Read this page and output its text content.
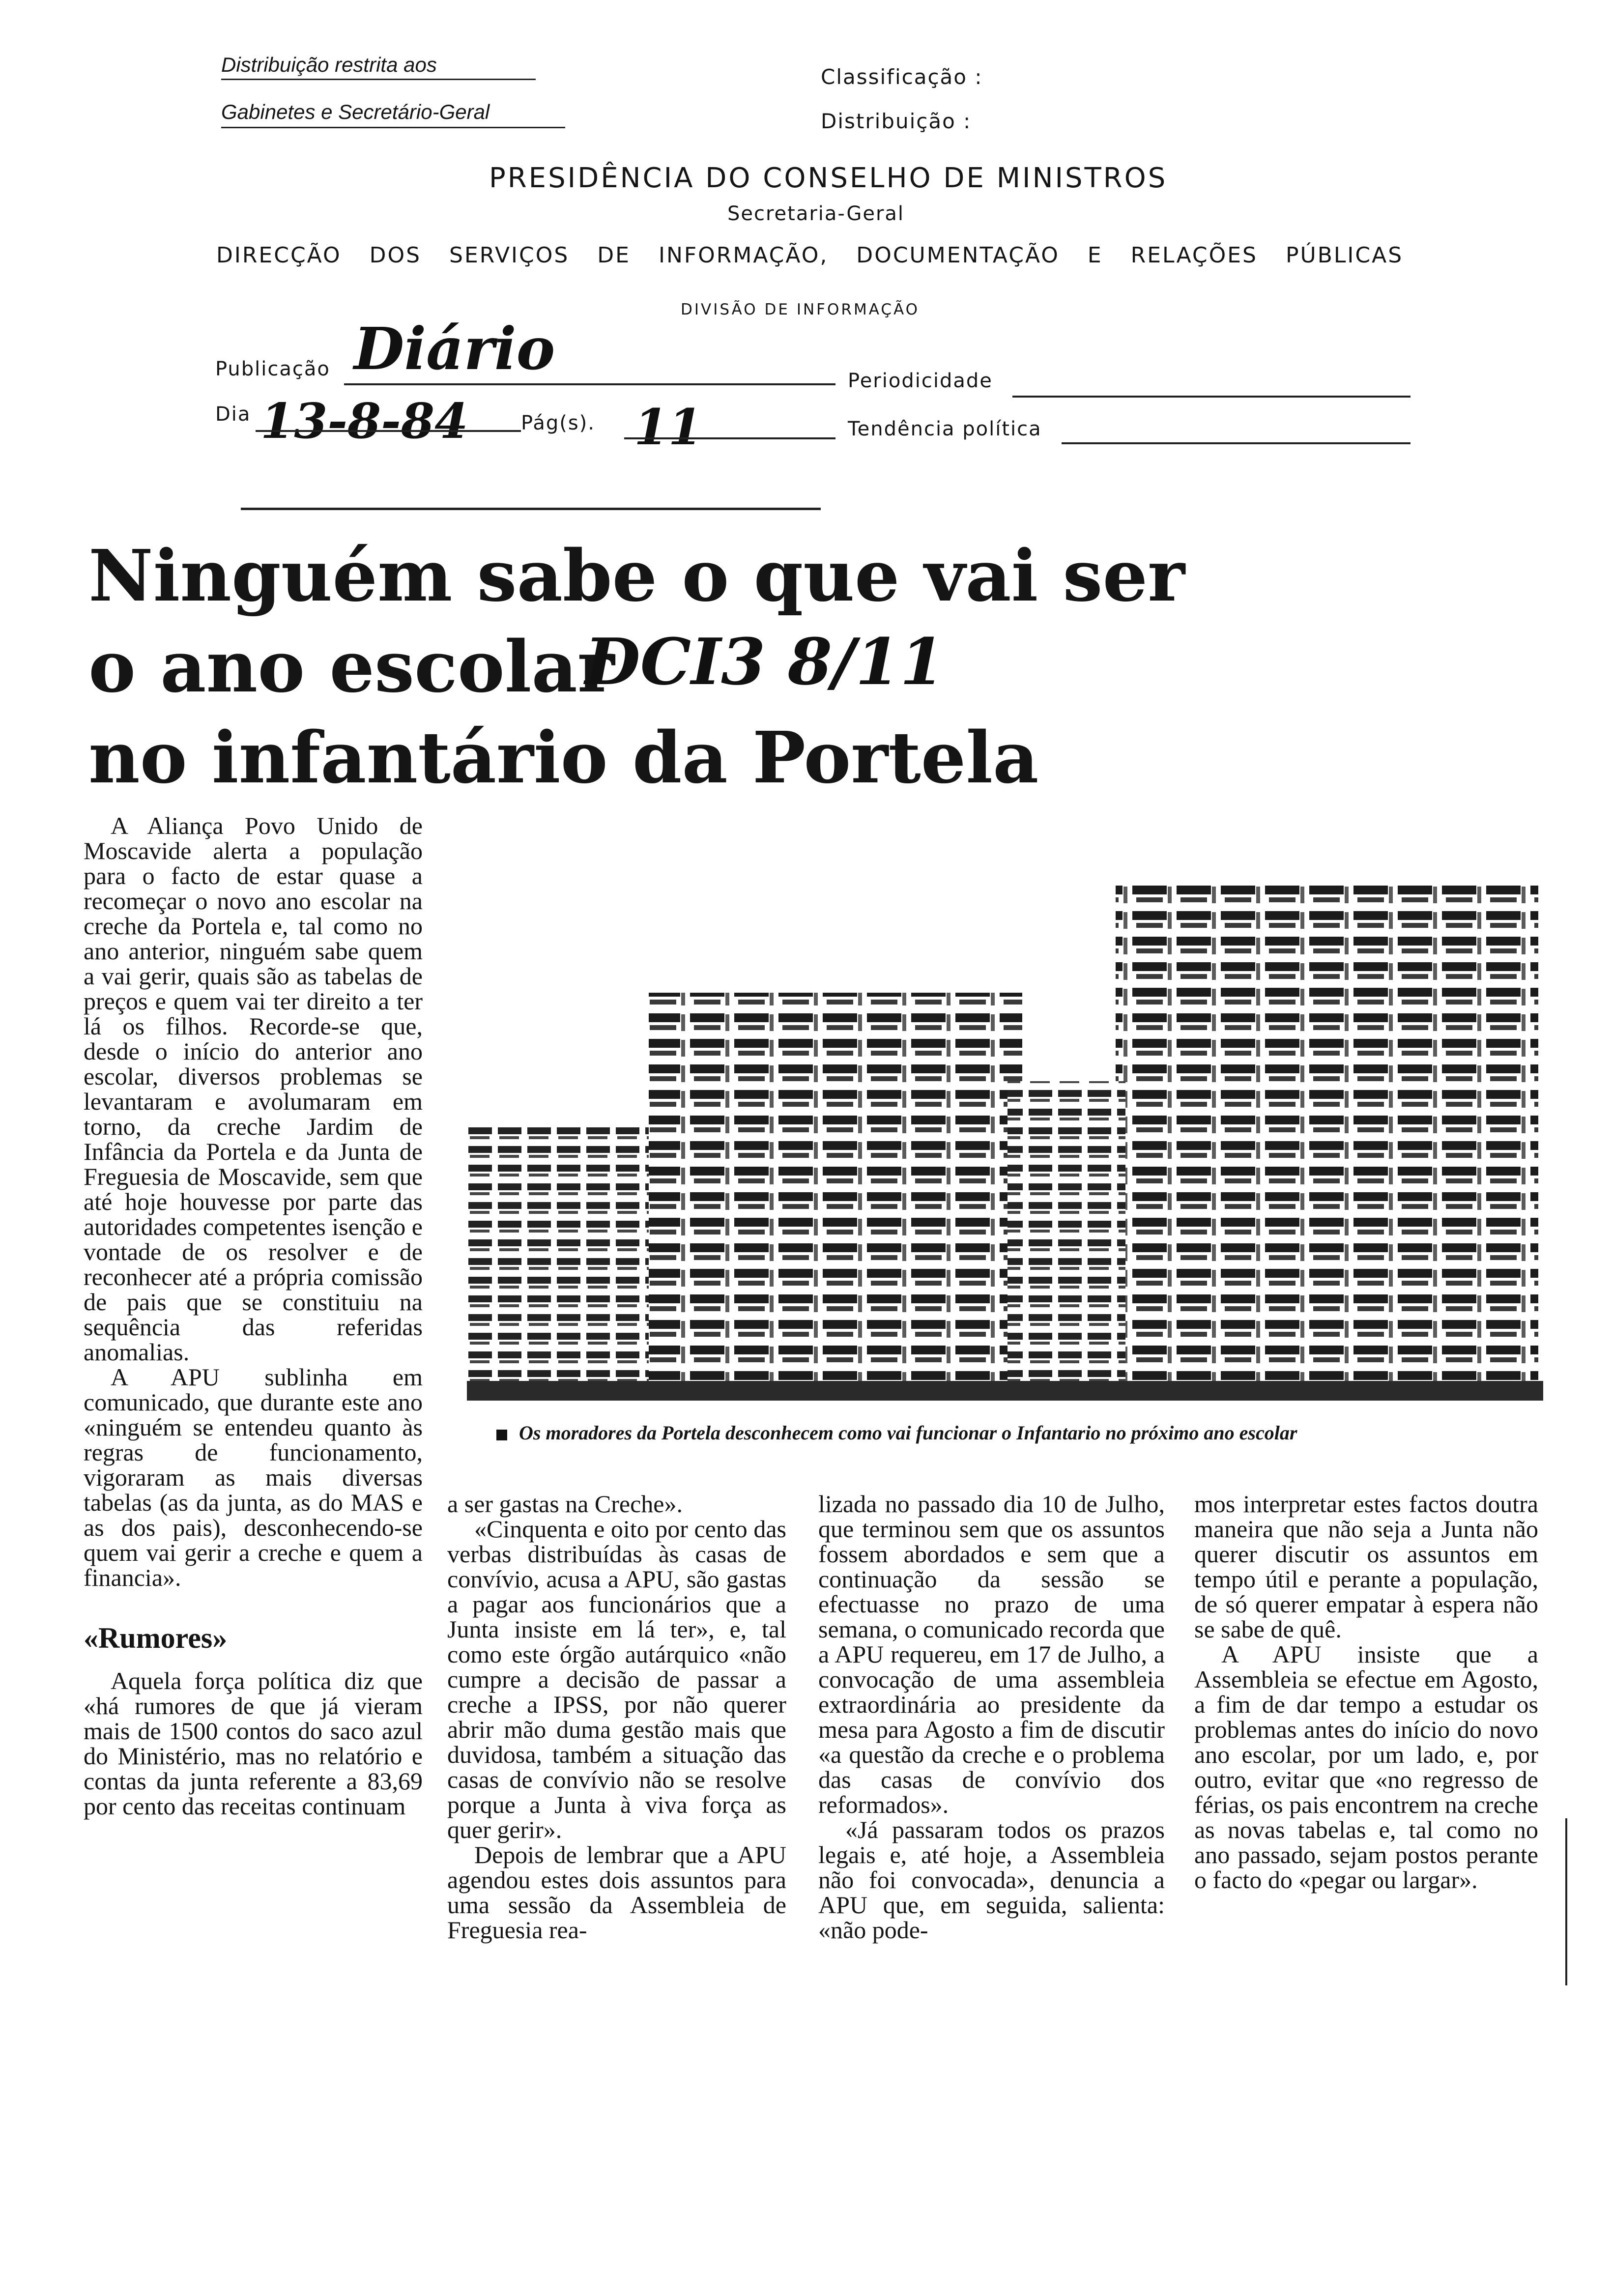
Distribuição restrita aos
Gabinetes e Secretário-Geral
Classificação :
Distribuição :
PRESIDÊNCIA DO CONSELHO DE MINISTROS
Secretaria-Geral
DIRECÇÃO DOS SERVIÇOS DE INFORMAÇÃO, DOCUMENTAÇÃO E RELAÇÕES PÚBLICAS
DIVISÃO DE INFORMAÇÃO
Publicação Diário	Periodicidade
Dia 13-8-84	Pág(s). 11	Tendência política
Ninguém sabe o que vai ser
o ano escolar
DCI3 8/11
no infantário da Portela
Os moradores da Portela desconhecem como vai funcionar o Infantario no próximo ano escolar

A Aliança Povo Unido de Moscavide alerta a população para o facto de estar quase a recomeçar o novo ano escolar na creche da Portela e, tal como no ano anterior, ninguém sabe quem a vai gerir, quais são as tabelas de preços e quem vai ter direito a ter lá os filhos. Recorde-se que, desde o início do anterior ano escolar, diversos problemas se levantaram e avolumaram em torno, da creche Jardim de Infância da Portela e da Junta de Freguesia de Moscavide, sem que até hoje houvesse por parte das autoridades competentes isenção e vontade de os resolver e de reconhecer até a própria comissão de pais que se constituiu na sequência das referidas anomalias.

A APU sublinha em comunicado, que durante este ano «ninguém se entendeu quanto às regras de funcionamento, vigoraram as mais diversas tabelas (as da junta, as do MAS e as dos pais), desconhecendo-se quem vai gerir a creche e quem a financia».

«Rumores»

Aquela força política diz que «há rumores de que já vieram mais de 1500 contos do saco azul do Ministério, mas no relatório e contas da junta referente a 83,69 por cento das receitas continuam

a ser gastas na Creche».

«Cinquenta e oito por cento das verbas distribuídas às casas de convívio, acusa a APU, são gastas a pagar aos funcionários que a Junta insiste em lá ter», e, tal como este órgão autárquico «não cumpre a decisão de passar a creche a IPSS, por não querer abrir mão duma gestão mais que duvidosa, também a situação das casas de convívio não se resolve porque a Junta à viva força as quer gerir».

Depois de lembrar que a APU agendou estes dois assuntos para uma sessão da Assembleia de Freguesia rea-

lizada no passado dia 10 de Julho, que terminou sem que os assuntos fossem abordados e sem que a continuação da sessão se efectuasse no prazo de uma semana, o comunicado recorda que a APU requereu, em 17 de Julho, a convocação de uma assembleia extraordinária ao presidente da mesa para Agosto a fim de discutir «a questão da creche e o problema das casas de convívio dos reformados».

«Já passaram todos os prazos legais e, até hoje, a Assembleia não foi convocada», denuncia a APU que, em seguida, salienta: «não pode-

mos interpretar estes factos doutra maneira que não seja a Junta não querer discutir os assuntos em tempo útil e perante a população, de só querer empatar à espera não se sabe de quê.

A APU insiste que a Assembleia se efectue em Agosto, a fim de dar tempo a estudar os problemas antes do início do novo ano escolar, por um lado, e, por outro, evitar que «no regresso de férias, os pais encontrem na creche as novas tabelas e, tal como no ano passado, sejam postos perante o facto do «pegar ou largar».
